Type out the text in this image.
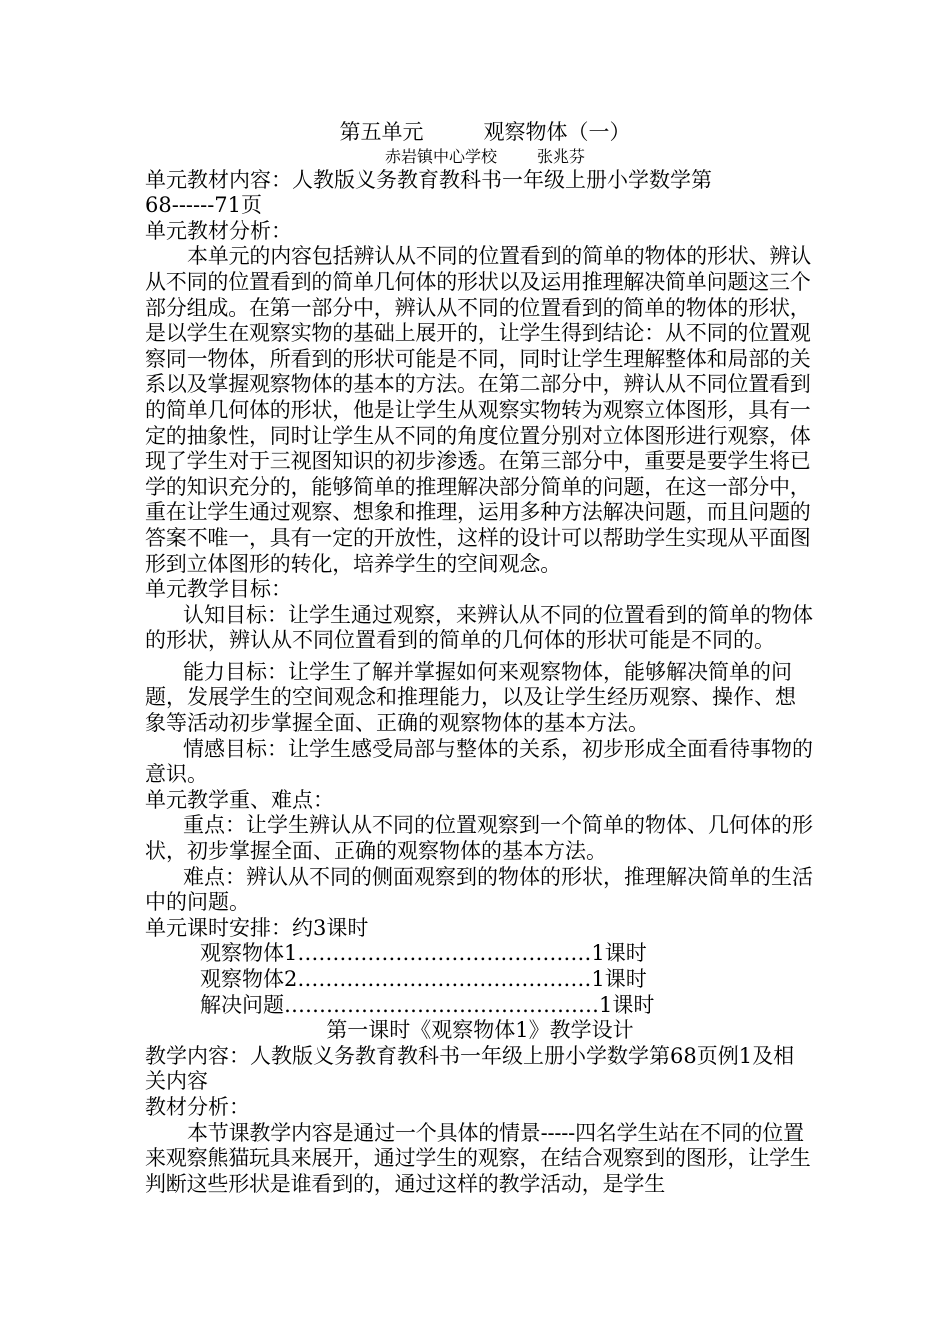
第五单元	观察物体（一）
赤岩镇中心学校	张兆芬

单元教材内容：人教版义务教育教科书一年级上册小学数学第

68------71页

单元教材分析：

本单元的内容包括辨认从不同的位置看到的简单的物体的形状、辨认从不同的位置看到的简单几何体的形状以及运用推理解决简单问题这三个部分组成。在第一部分中，辨认从不同的位置看到的简单的物体的形状，是以学生在观察实物的基础上展开的，让学生得到结论：从不同的位置观察同一物体，所看到的形状可能是不同，同时让学生理解整体和局部的关系以及掌握观察物体的基本的方法。在第二部分中，辨认从不同位置看到的简单几何体的形状，他是让学生从观察实物转为观察立体图形，具有一定的抽象性，同时让学生从不同的角度位置分别对立体图形进行观察，体现了学生对于三视图知识的初步渗透。在第三部分中，重要是要学生将已学的知识充分的，能够简单的推理解决部分简单的问题，在这一部分中，重在让学生通过观察、想象和推理，运用多种方法解决问题，而且问题的答案不唯一，具有一定的开放性，这样的设计可以帮助学生实现从平面图形到立体图形的转化，培养学生的空间观念。

单元教学目标：

认知目标：让学生通过观察，来辨认从不同的位置看到的简单的物体的形状，辨认从不同位置看到的简单的几何体的形状可能是不同的。

能力目标：让学生了解并掌握如何来观察物体，能够解决简单的问题，发展学生的空间观念和推理能力，以及让学生经历观察、操作、想象等活动初步掌握全面、正确的观察物体的基本方法。

情感目标：让学生感受局部与整体的关系，初步形成全面看待事物的意识。

单元教学重、难点：

重点：让学生辨认从不同的位置观察到一个简单的物体、几何体的形状，初步掌握全面、正确的观察物体的基本方法。

难点：辨认从不同的侧面观察到的物体的形状，推理解决简单的生活中的问题。

单元课时安排：约3课时

观察物体1……………………………………1课时
观察物体2……………………………………1课时
解决问题………………………………………1课时
第一课时《观察物体1》教学设计

教学内容：人教版义务教育教科书一年级上册小学数学第68页例1及相关内容

教材分析：

本节课教学内容是通过一个具体的情景-----四名学生站在不同的位置来观察熊猫玩具来展开，通过学生的观察，在结合观察到的图形，让学生判断这些形状是谁看到的，通过这样的教学活动，是学生
